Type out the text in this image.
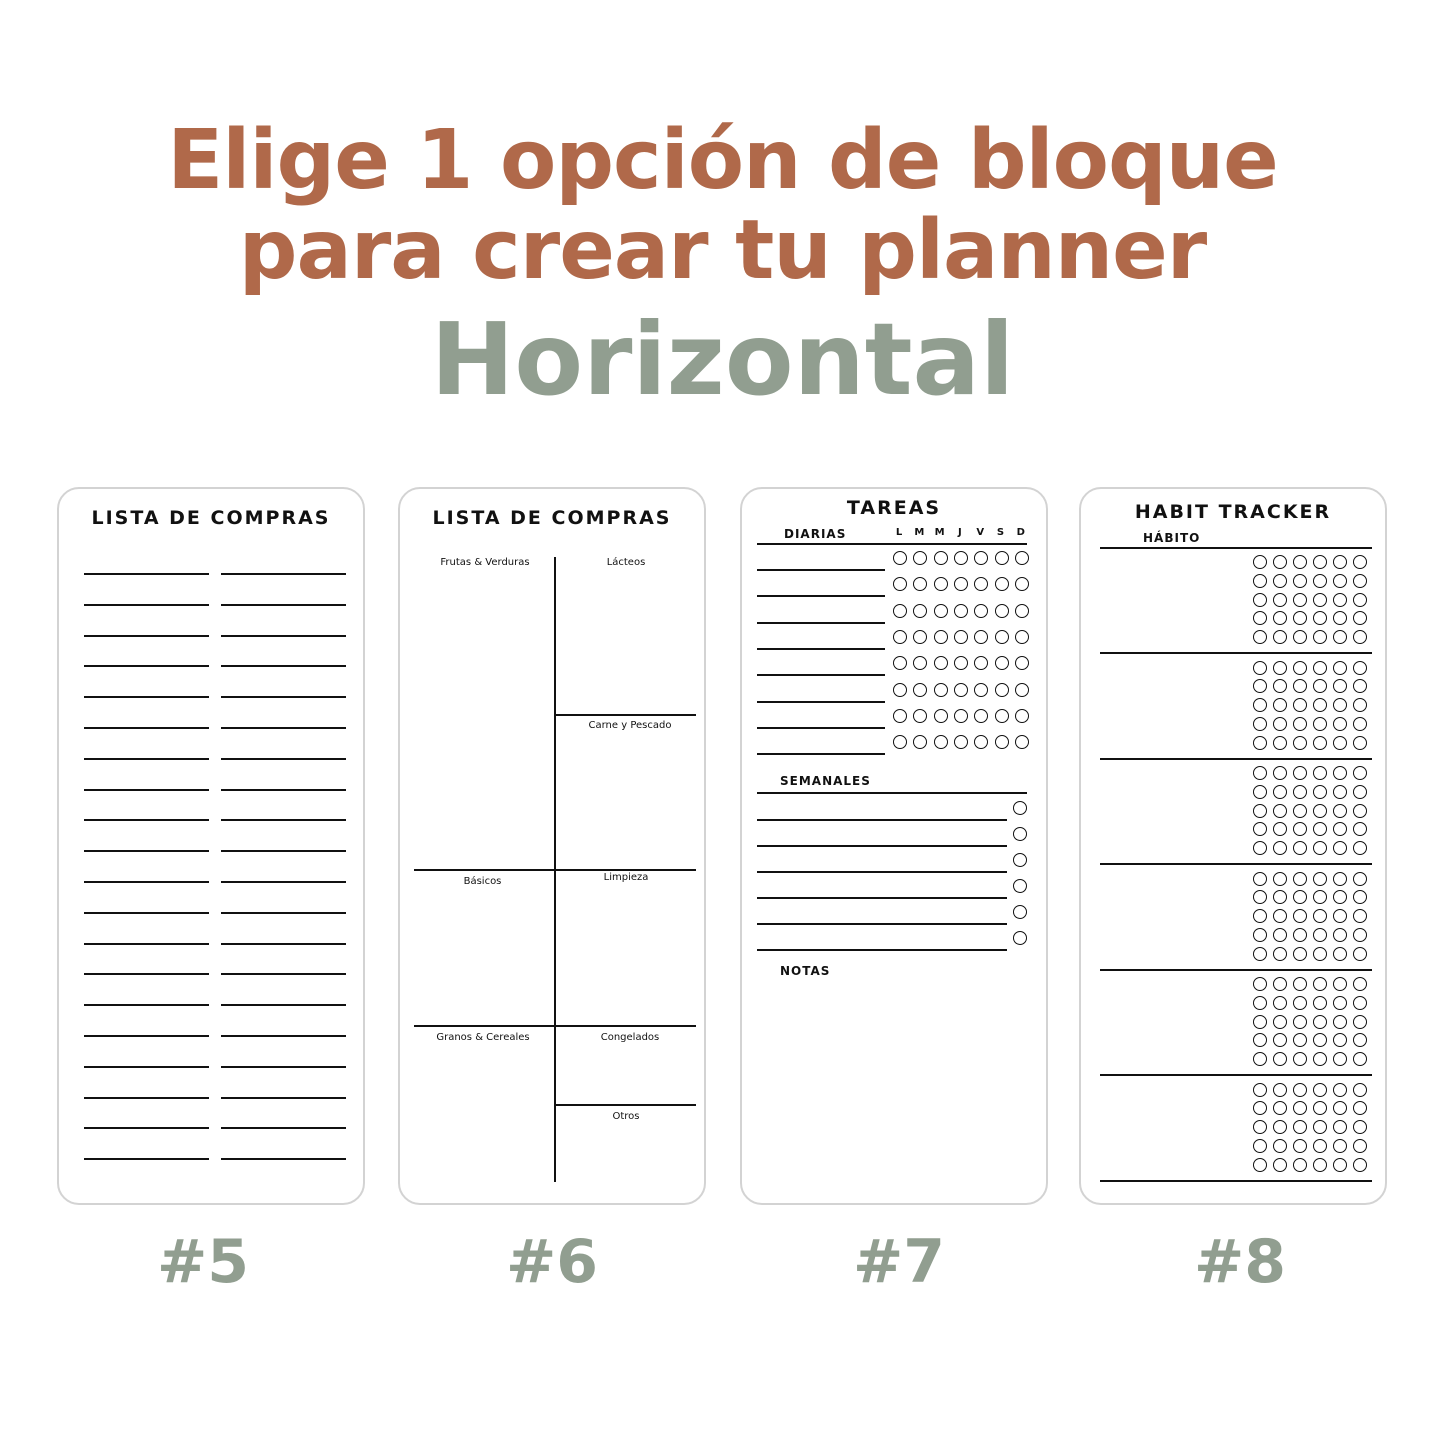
Elige 1 opción de bloque
para crear tu planner
Horizontal
LISTA DE COMPRAS
#5
LISTA DE COMPRAS
Frutas & Verduras	Lácteos
Carne y Pescado
Básicos	Limpieza
Granos & Cereales	Congelados
Otros
#6
TAREAS
DIARIAS	L	M M	J	V	S	D
SEMANALES
NOTAS
#7
HABIT TRACKER
HÁBITO
#8
